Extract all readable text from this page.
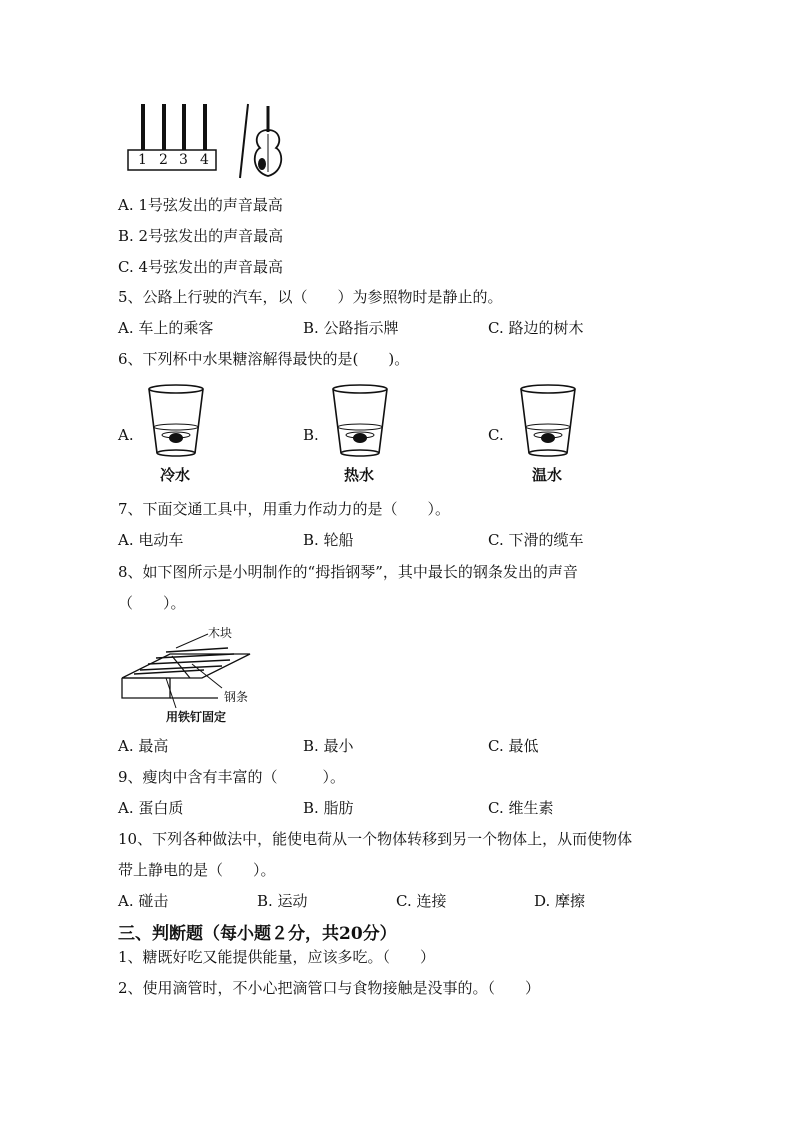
1 2 3 4
A. 1号弦发出的声音最高
B. 2号弦发出的声音最高
C. 4号弦发出的声音最高
5、公路上行驶的汽车，以（　　）为参照物时是静止的。
A. 车上的乘客	B. 公路指示牌	C. 路边的树木
6、下列杯中水果糖溶解得最快的是(　　)。
A.	B.	C.
冷水	热水	温水
7、下面交通工具中，用重力作动力的是（　　）。
A. 电动车	B. 轮船	C. 下滑的缆车
8、如下图所示是小明制作的“拇指钢琴”，其中最长的钢条发出的声音
（　　）。
木块
钢条
用铁钉固定
A. 最高	B. 最小	C. 最低
9、瘦肉中含有丰富的（　　　）。
A. 蛋白质	B. 脂肪	C. 维生素
10、下列各种做法中，能使电荷从一个物体转移到另一个物体上，从而使物体
带上静电的是（　　）。
A. 碰击	B. 运动	C. 连接	D. 摩擦
三、判断题（每小题２分，共20分）
1、糖既好吃又能提供能量，应该多吃。（　　）
2、使用滴管时，不小心把滴管口与食物接触是没事的。（　　）
